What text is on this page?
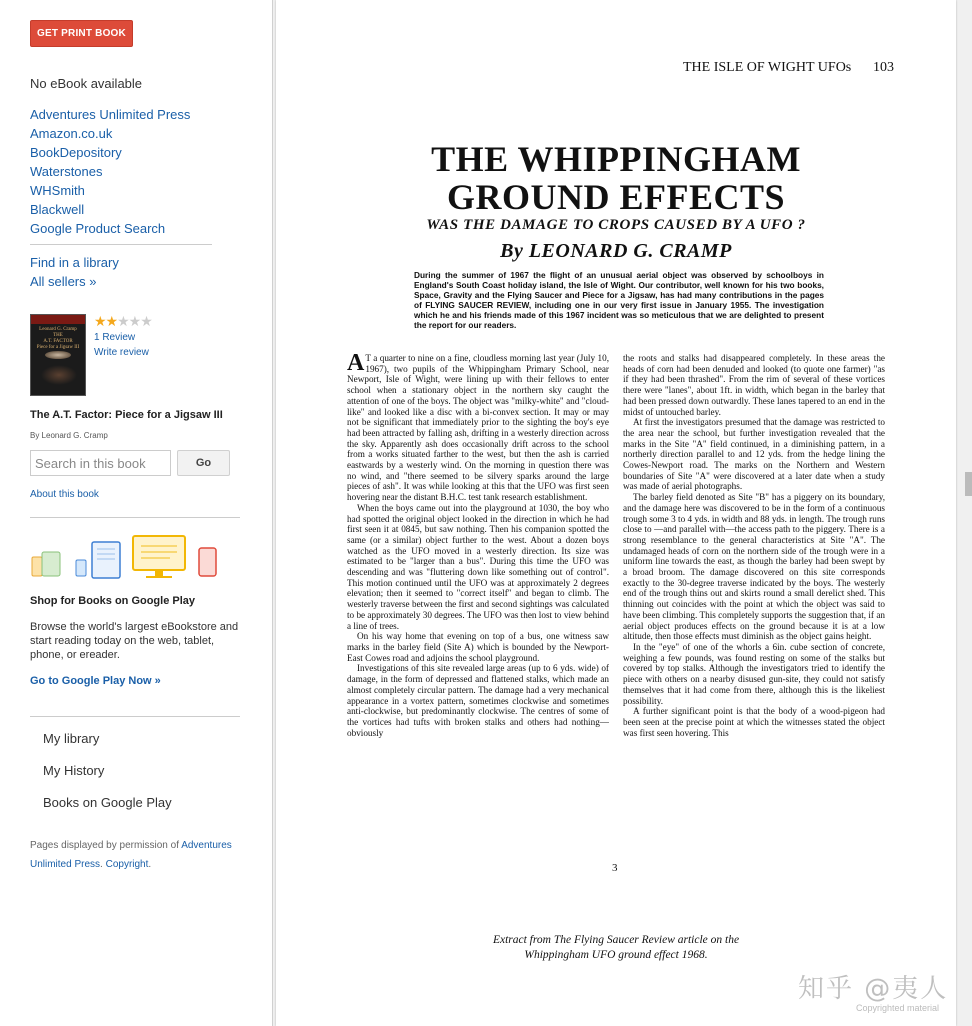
GET PRINT BOOK
No eBook available
Adventures Unlimited Press
Amazon.co.uk
BookDepository
Waterstones
WHSmith
Blackwell
Google Product Search
Find in a library
All sellers »
Leonard G. Cramp
THE
A.T. FACTOR
Piece for a Jigsaw III
★★★★★
1 Review
Write review
The A.T. Factor: Piece for a Jigsaw III
By Leonard G. Cramp
Search in this book
Go
About this book
Shop for Books on Google Play
Browse the world's largest eBookstore and start reading today on the web, tablet, phone, or ereader.
Go to Google Play Now »
My library
My History
Books on Google Play
Pages displayed by permission of Adventures Unlimited Press. Copyright.
THE ISLE OF WIGHT UFOs 103
THE WHIPPINGHAM
GROUND EFFECTS
WAS THE DAMAGE TO CROPS CAUSED BY A UFO ?
By LEONARD G. CRAMP
During the summer of 1967 the flight of an unusual aerial object was observed by schoolboys in England's South Coast holiday island, the Isle of Wight. Our contributor, well known for his two books, Space, Gravity and the Flying Saucer and Piece for a Jigsaw, has had many contributions in the pages of FLYING SAUCER REVIEW, including one in our very first issue in January 1955. The investigation which he and his friends made of this 1967 incident was so meticulous that we are delighted to present the report for our readers.

A T a quarter to nine on a fine, cloudless morning last year (July 10, 1967), two pupils of the Whippingham Primary School, near Newport, Isle of Wight, were lining up with their fellows to enter school when a stationary object in the northern sky caught the attention of one of the boys. The object was "milky-white" and "cloud-like" and looked like a disc with a bi-convex section. It may or may not be significant that immediately prior to the sighting the boy's eye had been attracted by falling ash, drifting in a westerly direction across the sky. Apparently ash does occasionally drift across to the school from a works situated farther to the west, but then the ash is carried eastwards by a westerly wind. On the morning in question there was no wind, and "there seemed to be silvery sparks around the large pieces of ash". It was while looking at this that the UFO was first seen hovering near the distant B.H.C. test tank research establishment.

When the boys came out into the playground at 1030, the boy who had spotted the original object looked in the direction in which he had first seen it at 0845, but saw nothing. Then his companion spotted the same (or a similar) object further to the west. About a dozen boys watched as the UFO moved in a westerly direction. Its size was estimated to be "larger than a bus". During this time the UFO was descending and was "fluttering down like something out of control". This motion continued until the UFO was at approximately 2 degrees elevation; then it seemed to "correct itself" and began to climb. The westerly traverse between the first and second sightings was calculated to be approximately 30 degrees. The UFO was then lost to view behind a line of trees.

On his way home that evening on top of a bus, one witness saw marks in the barley field (Site A) which is bounded by the Newport-East Cowes road and adjoins the school playground.

Investigations of this site revealed large areas (up to 6 yds. wide) of damage, in the form of depressed and flattened stalks, which made an almost completely circular pattern. The damage had a very mechanical appearance in a vortex pattern, sometimes clockwise and sometimes anti-clockwise, but predominantly clockwise. The centres of some of the vortices had tufts with broken stalks and others had nothing—obviously

the roots and stalks had disappeared completely. In these areas the heads of corn had been denuded and looked (to quote one farmer) "as if they had been thrashed". From the rim of several of these vortices there were "lanes", about 1ft. in width, which began in the barley that had been pressed down outwardly. These lanes tapered to an end in the midst of untouched barley.

At first the investigators presumed that the damage was restricted to the area near the school, but further investigation revealed that the marks in the Site "A" field continued, in a diminishing pattern, in a northerly direction parallel to and 12 yds. from the hedge lining the Cowes-Newport road. The marks on the Northern and Western boundaries of Site "A" were discovered at a later date when a study was made of aerial photographs.

The barley field denoted as Site "B" has a piggery on its boundary, and the damage here was discovered to be in the form of a continuous trough some 3 to 4 yds. in width and 88 yds. in length. The trough runs close to —and parallel with—the access path to the piggery. There is a strong resemblance to the general characteristics at Site "A". The undamaged heads of corn on the northern side of the trough were in a uniform line towards the east, as though the barley had been swept by a broad broom. The damage discovered on this site corresponds exactly to the 30-degree traverse indicated by the boys. The westerly end of the trough thins out and skirts round a small derelict shed. This thinning out coincides with the point at which the object was said to have been climbing. This completely supports the suggestion that, if an aerial object produces effects on the ground because it is at a low altitude, then those effects must diminish as the object gains height.

In the "eye" of one of the whorls a 6in. cube section of concrete, weighing a few pounds, was found resting on some of the stalks but covered by top stalks. Although the investigators tried to identify the piece with others on a nearby disused gun-site, they could not satisfy themselves that it had come from there, although this is the likeliest possibility.

A further significant point is that the body of a wood-pigeon had been seen at the precise point at which the witnesses stated the object was first seen hovering. This

3
Extract from The Flying Saucer Review article on the
Whippingham UFO ground effect 1968.
知乎 @夷人
Copyrighted material
